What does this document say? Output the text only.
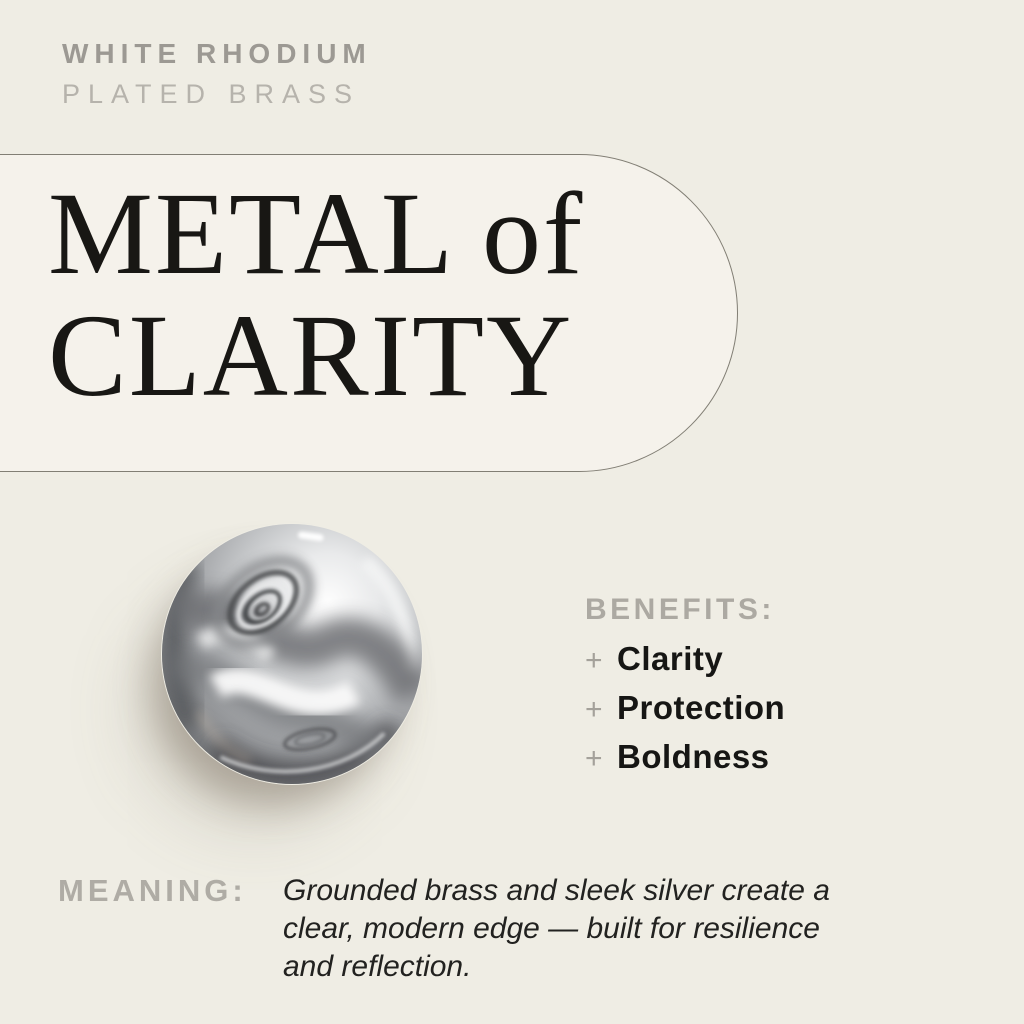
WHITE RHODIUM
PLATED BRASS
METAL of
CLARITY
BENEFITS:
+ Clarity
+ Protection
+ Boldness
MEANING:	Grounded brass and sleek silver create a
clear, modern edge — built for resilience
and reflection.
